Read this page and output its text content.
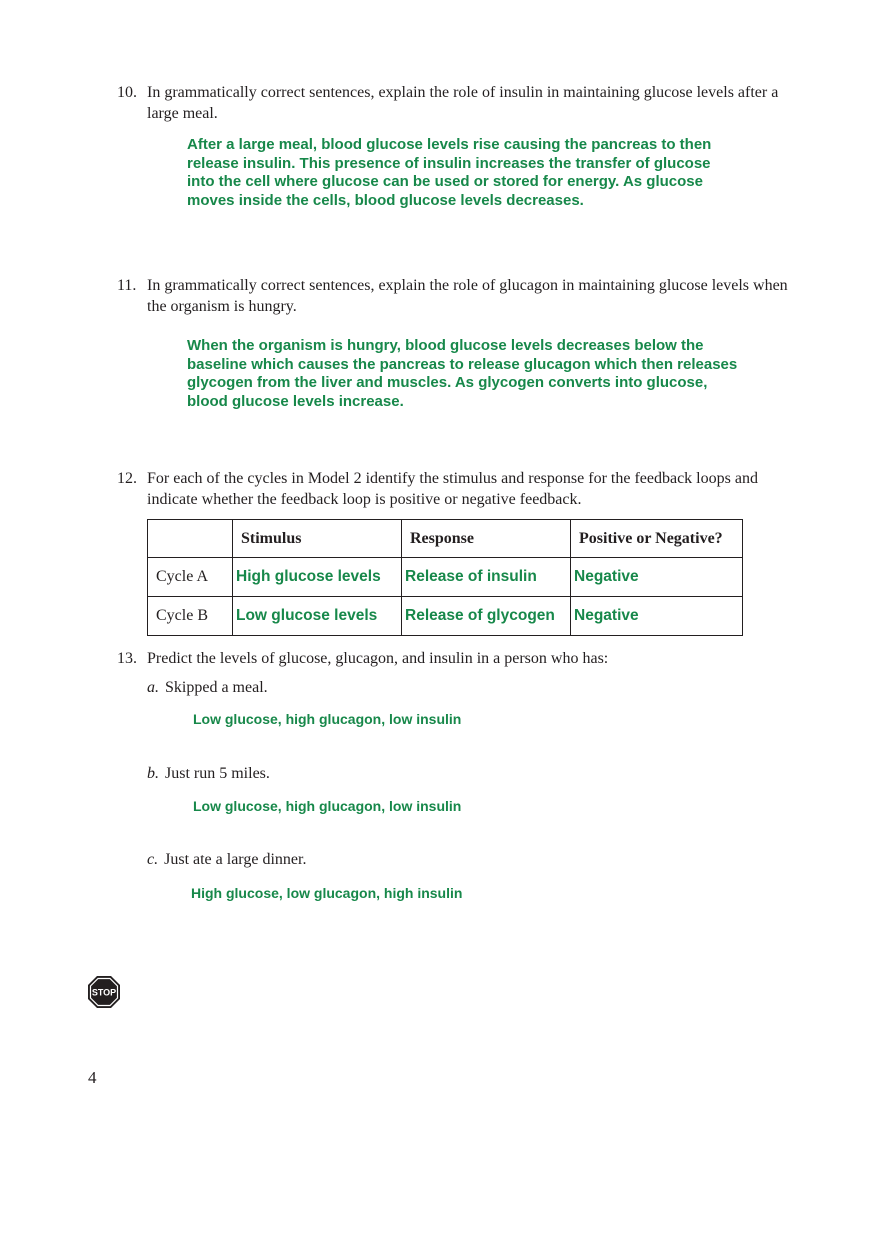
10. In grammatically correct sentences, explain the role of insulin in maintaining glucose levels after a large meal.
After a large meal, blood glucose levels rise causing the pancreas to then
release insulin. This presence of insulin increases the transfer of glucose
into the cell where glucose can be used or stored for energy. As glucose
moves inside the cells, blood glucose levels decreases.
11. In grammatically correct sentences, explain the role of glucagon in maintaining glucose levels when the organism is hungry.
When the organism is hungry, blood glucose levels decreases below the
baseline which causes the pancreas to release glucagon which then releases
glycogen from the liver and muscles. As glycogen converts into glucose,
blood glucose levels increase.
12. For each of the cycles in Model 2 identify the stimulus and response for the feedback loops and indicate whether the feedback loop is positive or negative feedback.
	Stimulus	Response	Positive or Negative?
Cycle A	High glucose levels	Release of insulin	Negative
Cycle B	Low glucose levels	Release of glycogen	Negative
13. Predict the levels of glucose, glucagon, and insulin in a person who has:
a. Skipped a meal.
Low glucose, high glucagon, low insulin
b. Just run 5 miles.
Low glucose, high glucagon, low insulin
c. Just ate a large dinner.
High glucose, low glucagon, high insulin
STOP
4
